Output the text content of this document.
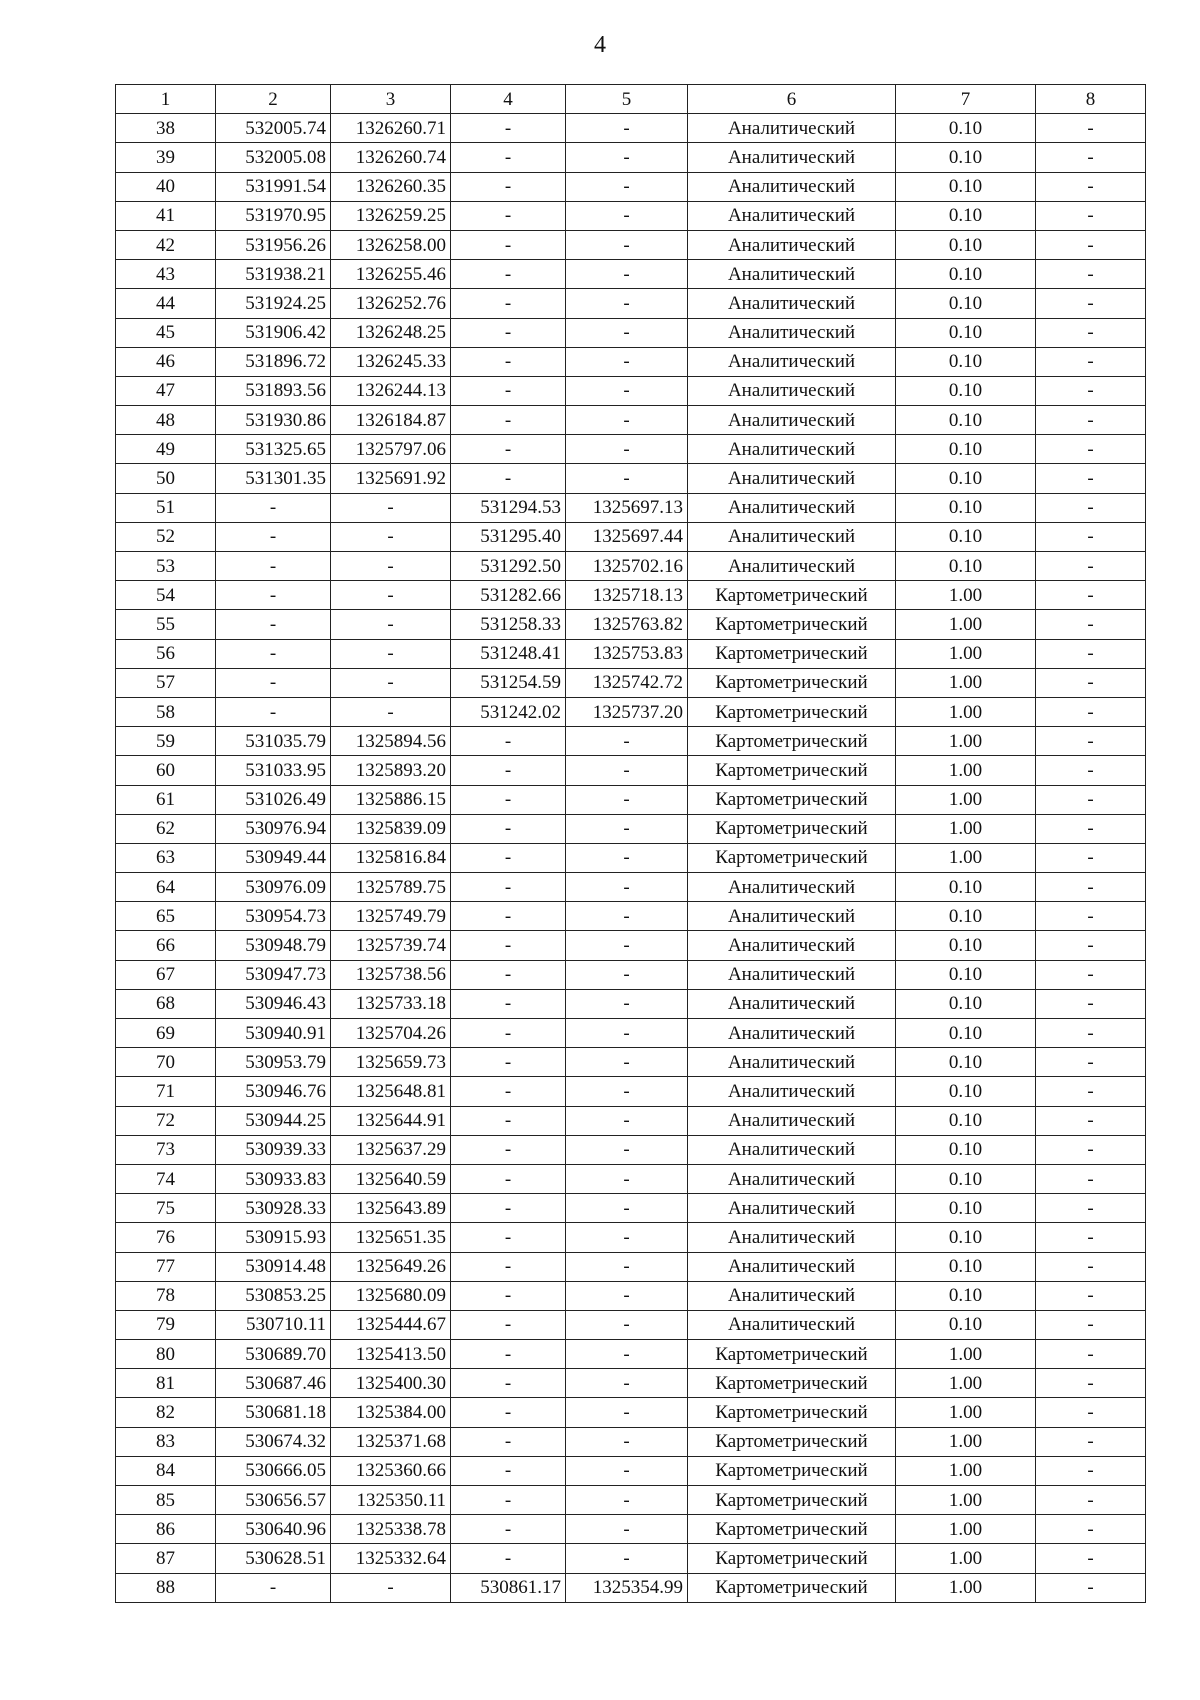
4
1	2	3	4	5	6	7	8
38	532005.74	1326260.71	-	-	Аналитический	0.10	-
39	532005.08	1326260.74	-	-	Аналитический	0.10	-
40	531991.54	1326260.35	-	-	Аналитический	0.10	-
41	531970.95	1326259.25	-	-	Аналитический	0.10	-
42	531956.26	1326258.00	-	-	Аналитический	0.10	-
43	531938.21	1326255.46	-	-	Аналитический	0.10	-
44	531924.25	1326252.76	-	-	Аналитический	0.10	-
45	531906.42	1326248.25	-	-	Аналитический	0.10	-
46	531896.72	1326245.33	-	-	Аналитический	0.10	-
47	531893.56	1326244.13	-	-	Аналитический	0.10	-
48	531930.86	1326184.87	-	-	Аналитический	0.10	-
49	531325.65	1325797.06	-	-	Аналитический	0.10	-
50	531301.35	1325691.92	-	-	Аналитический	0.10	-
51	-	-	531294.53	1325697.13	Аналитический	0.10	-
52	-	-	531295.40	1325697.44	Аналитический	0.10	-
53	-	-	531292.50	1325702.16	Аналитический	0.10	-
54	-	-	531282.66	1325718.13	Картометрический	1.00	-
55	-	-	531258.33	1325763.82	Картометрический	1.00	-
56	-	-	531248.41	1325753.83	Картометрический	1.00	-
57	-	-	531254.59	1325742.72	Картометрический	1.00	-
58	-	-	531242.02	1325737.20	Картометрический	1.00	-
59	531035.79	1325894.56	-	-	Картометрический	1.00	-
60	531033.95	1325893.20	-	-	Картометрический	1.00	-
61	531026.49	1325886.15	-	-	Картометрический	1.00	-
62	530976.94	1325839.09	-	-	Картометрический	1.00	-
63	530949.44	1325816.84	-	-	Картометрический	1.00	-
64	530976.09	1325789.75	-	-	Аналитический	0.10	-
65	530954.73	1325749.79	-	-	Аналитический	0.10	-
66	530948.79	1325739.74	-	-	Аналитический	0.10	-
67	530947.73	1325738.56	-	-	Аналитический	0.10	-
68	530946.43	1325733.18	-	-	Аналитический	0.10	-
69	530940.91	1325704.26	-	-	Аналитический	0.10	-
70	530953.79	1325659.73	-	-	Аналитический	0.10	-
71	530946.76	1325648.81	-	-	Аналитический	0.10	-
72	530944.25	1325644.91	-	-	Аналитический	0.10	-
73	530939.33	1325637.29	-	-	Аналитический	0.10	-
74	530933.83	1325640.59	-	-	Аналитический	0.10	-
75	530928.33	1325643.89	-	-	Аналитический	0.10	-
76	530915.93	1325651.35	-	-	Аналитический	0.10	-
77	530914.48	1325649.26	-	-	Аналитический	0.10	-
78	530853.25	1325680.09	-	-	Аналитический	0.10	-
79	530710.11	1325444.67	-	-	Аналитический	0.10	-
80	530689.70	1325413.50	-	-	Картометрический	1.00	-
81	530687.46	1325400.30	-	-	Картометрический	1.00	-
82	530681.18	1325384.00	-	-	Картометрический	1.00	-
83	530674.32	1325371.68	-	-	Картометрический	1.00	-
84	530666.05	1325360.66	-	-	Картометрический	1.00	-
85	530656.57	1325350.11	-	-	Картометрический	1.00	-
86	530640.96	1325338.78	-	-	Картометрический	1.00	-
87	530628.51	1325332.64	-	-	Картометрический	1.00	-
88	-	-	530861.17	1325354.99	Картометрический	1.00	-
